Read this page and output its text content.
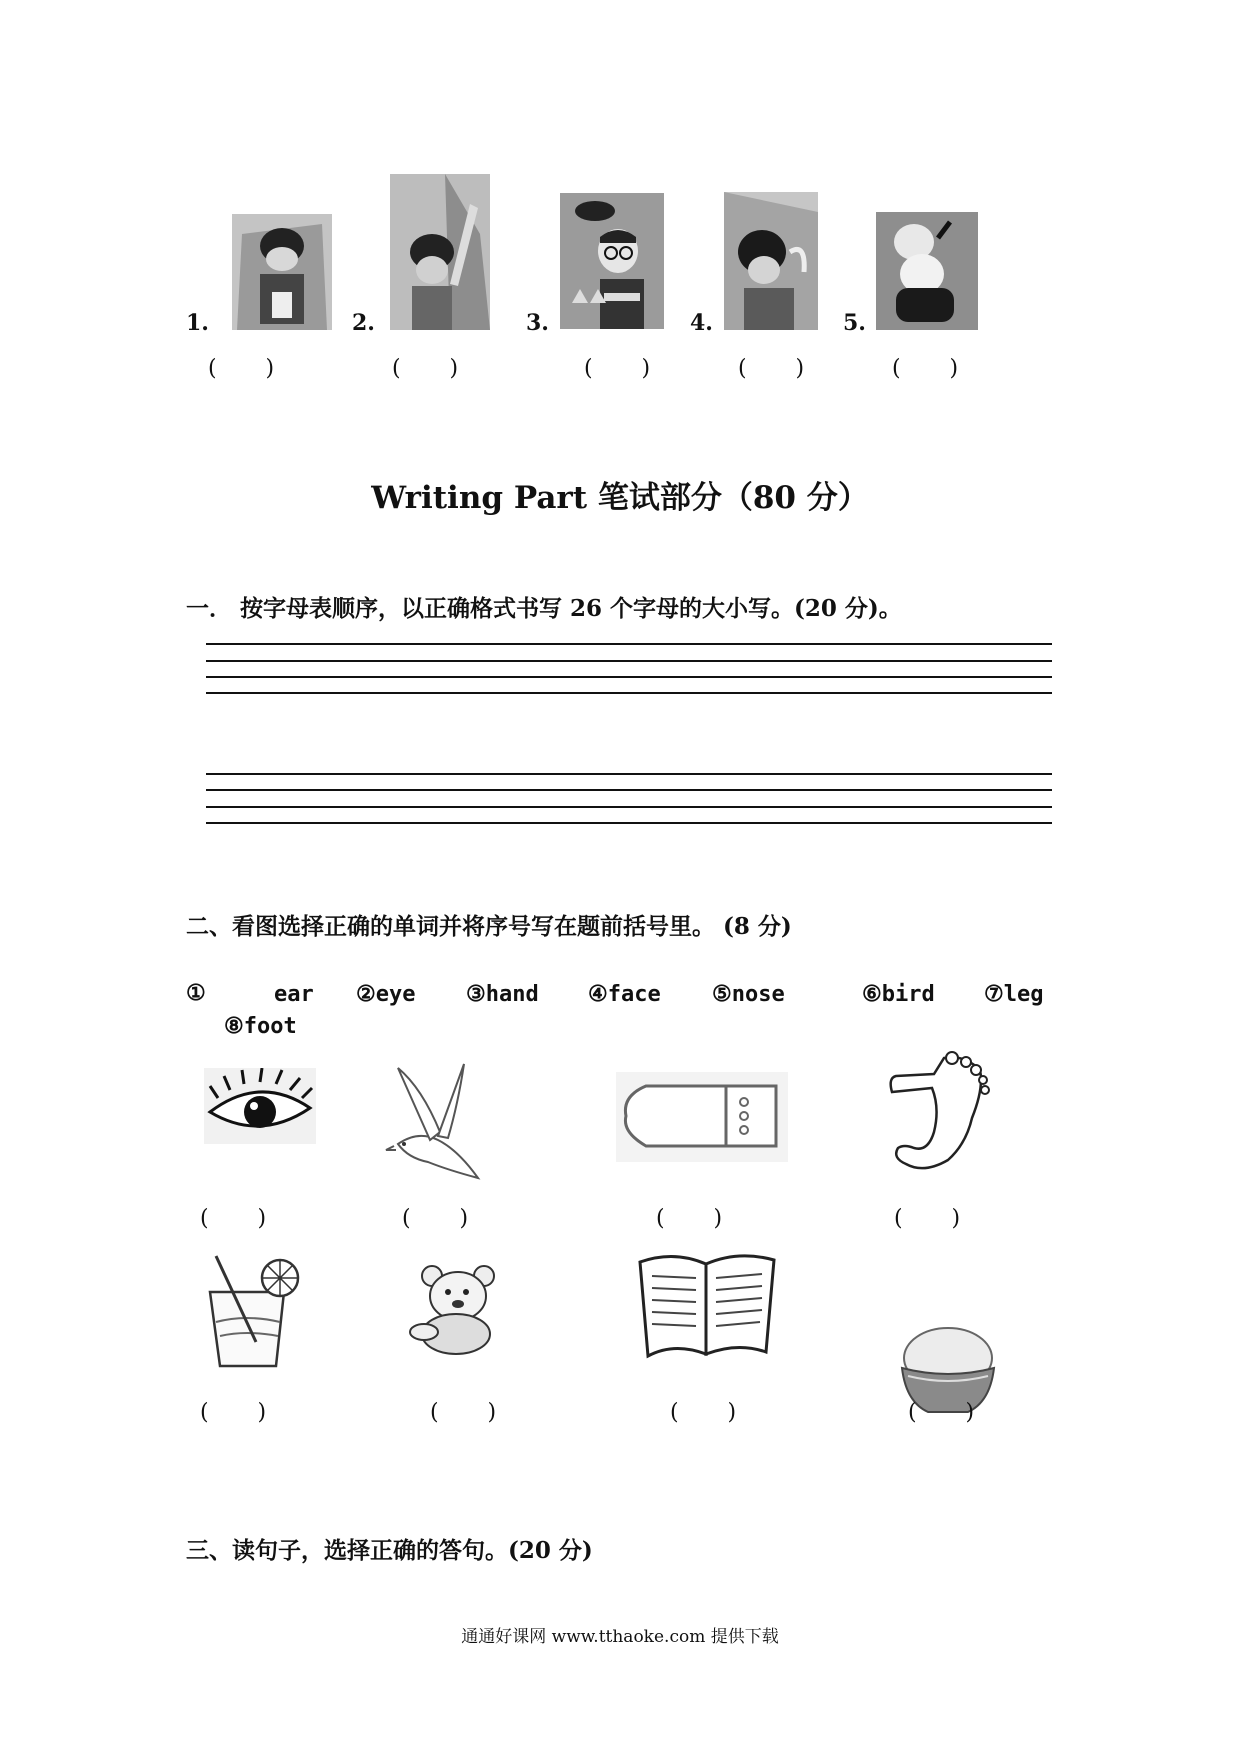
1.
(       )
2.
(       )
3.
(       )
4.
(       )
5.
(       )
Writing Part 笔试部分（80 分）
一． 按字母表顺序，以正确格式书写 26 个字母的大小写。(20 分)。
二、看图选择正确的单词并将序号写在题前括号里。 (8 分)
①	ear ②eye ③hand ④face ⑤nose	⑥bird ⑦leg
⑧foot
(       )	(       )	(       )	(       )
(       )	(       )	(       )	(       )
三、读句子，选择正确的答句。(20 分)
通通好课网 www.tthaoke.com 提供下载
